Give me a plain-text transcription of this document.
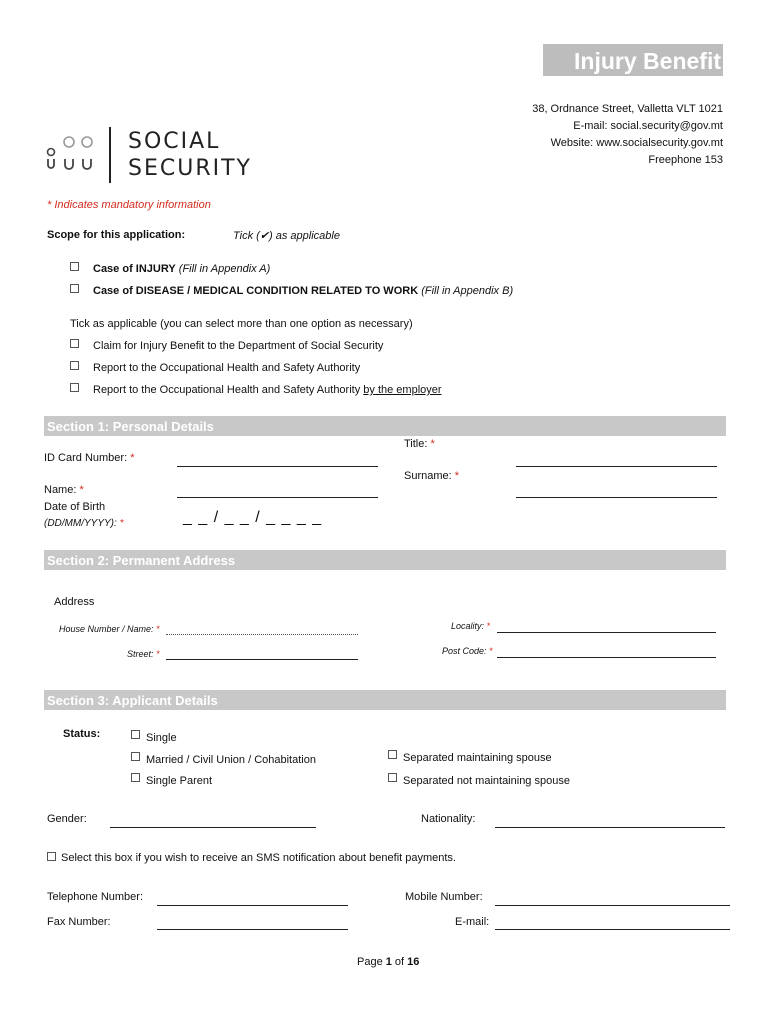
Injury Benefit
38, Ordnance Street, Valletta VLT 1021
E-mail: social.security@gov.mt
Website: www.socialsecurity.gov.mt
Freephone 153
SOCIAL
SECURITY
* Indicates mandatory information
Scope for this application:	Tick (✔) as applicable
Case of INJURY (Fill in Appendix A)
Case of DISEASE / MEDICAL CONDITION RELATED TO WORK (Fill in Appendix B)
Tick as applicable (you can select more than one option as necessary)
Claim for Injury Benefit to the Department of Social Security
Report to the Occupational Health and Safety Authority
Report to the Occupational Health and Safety Authority by the employer
Section 1: Personal Details
Title: *
ID Card Number: *
Surname: *
Name: *
Date of Birth
(DD/MM/YYYY): *	_ _ / _ _ / _ _ _ _
Section 2: Permanent Address
Address
House Number / Name: *	Locality: *
Street: *	Post Code: *
Section 3: Applicant Details
Status:	Single
Married / Civil Union / Cohabitation
Single Parent
Separated maintaining spouse
Separated not maintaining spouse
Gender:	Nationality:
Select this box if you wish to receive an SMS notification about benefit payments.
Telephone Number:	Mobile Number:
Fax Number:	E-mail:
Page 1 of 16
